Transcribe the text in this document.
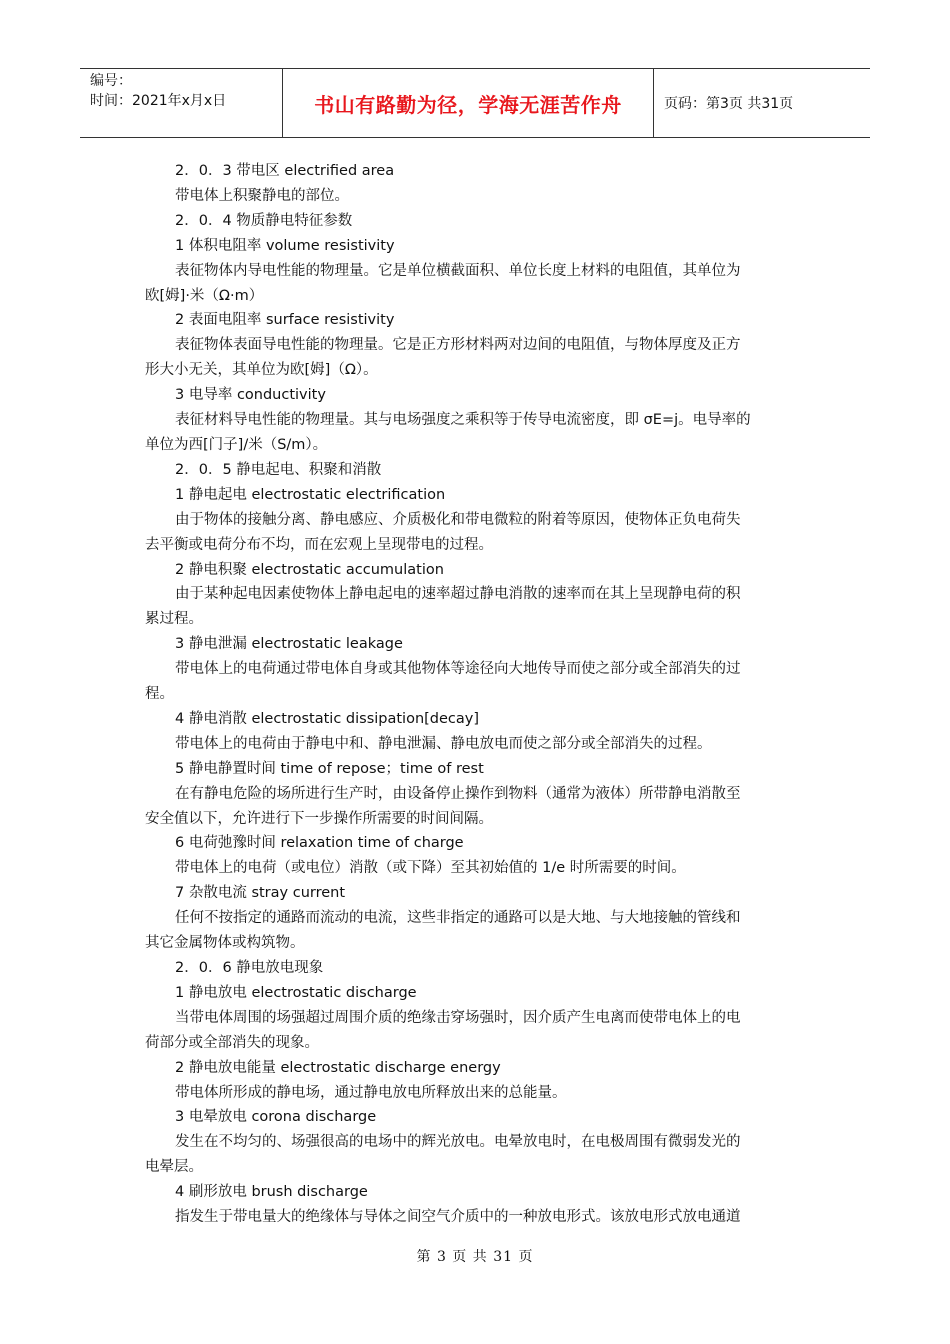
编号：
时间：2021年x月x日	书山有路勤为径，学海无涯苦作舟	页码：第3页 共31页
2．0．3 带电区 electrified area
带电体上积聚静电的部位。
2．0．4 物质静电特征参数
1 体积电阻率 volume resistivity
表征物体内导电性能的物理量。它是单位横截面积、单位长度上材料的电阻值，其单位为
欧[姆]·米（Ω·m）
2 表面电阻率 surface resistivity
表征物体表面导电性能的物理量。它是正方形材料两对边间的电阻值，与物体厚度及正方
形大小无关，其单位为欧[姆]（Ω）。
3 电导率 conductivity
表征材料导电性能的物理量。其与电场强度之乘积等于传导电流密度，即 σE=j。电导率的
单位为西[门子]/米（S/m）。
2．0．5 静电起电、积聚和消散
1 静电起电 electrostatic electrification
由于物体的接触分离、静电感应、介质极化和带电微粒的附着等原因，使物体正负电荷失
去平衡或电荷分布不均，而在宏观上呈现带电的过程。
2 静电积聚 electrostatic accumulation
由于某种起电因素使物体上静电起电的速率超过静电消散的速率而在其上呈现静电荷的积
累过程。
3 静电泄漏 electrostatic leakage
带电体上的电荷通过带电体自身或其他物体等途径向大地传导而使之部分或全部消失的过
程。
4 静电消散 electrostatic dissipation[decay]
带电体上的电荷由于静电中和、静电泄漏、静电放电而使之部分或全部消失的过程。
5 静电静置时间 time of repose；time of rest
在有静电危险的场所进行生产时，由设备停止操作到物料（通常为液体）所带静电消散至
安全值以下，允许进行下一步操作所需要的时间间隔。
6 电荷弛豫时间 relaxation time of charge
带电体上的电荷（或电位）消散（或下降）至其初始值的 1/e 时所需要的时间。
7 杂散电流 stray current
任何不按指定的通路而流动的电流，这些非指定的通路可以是大地、与大地接触的管线和
其它金属物体或构筑物。
2．0．6 静电放电现象
1 静电放电 electrostatic discharge
当带电体周围的场强超过周围介质的绝缘击穿场强时，因介质产生电离而使带电体上的电
荷部分或全部消失的现象。
2 静电放电能量 electrostatic discharge energy
带电体所形成的静电场，通过静电放电所释放出来的总能量。
3 电晕放电 corona discharge
发生在不均匀的、场强很高的电场中的辉光放电。电晕放电时，在电极周围有微弱发光的
电晕层。
4 刷形放电 brush discharge
指发生于带电量大的绝缘体与导体之间空气介质中的一种放电形式。该放电形式放电通道
第 3 页 共 31 页
